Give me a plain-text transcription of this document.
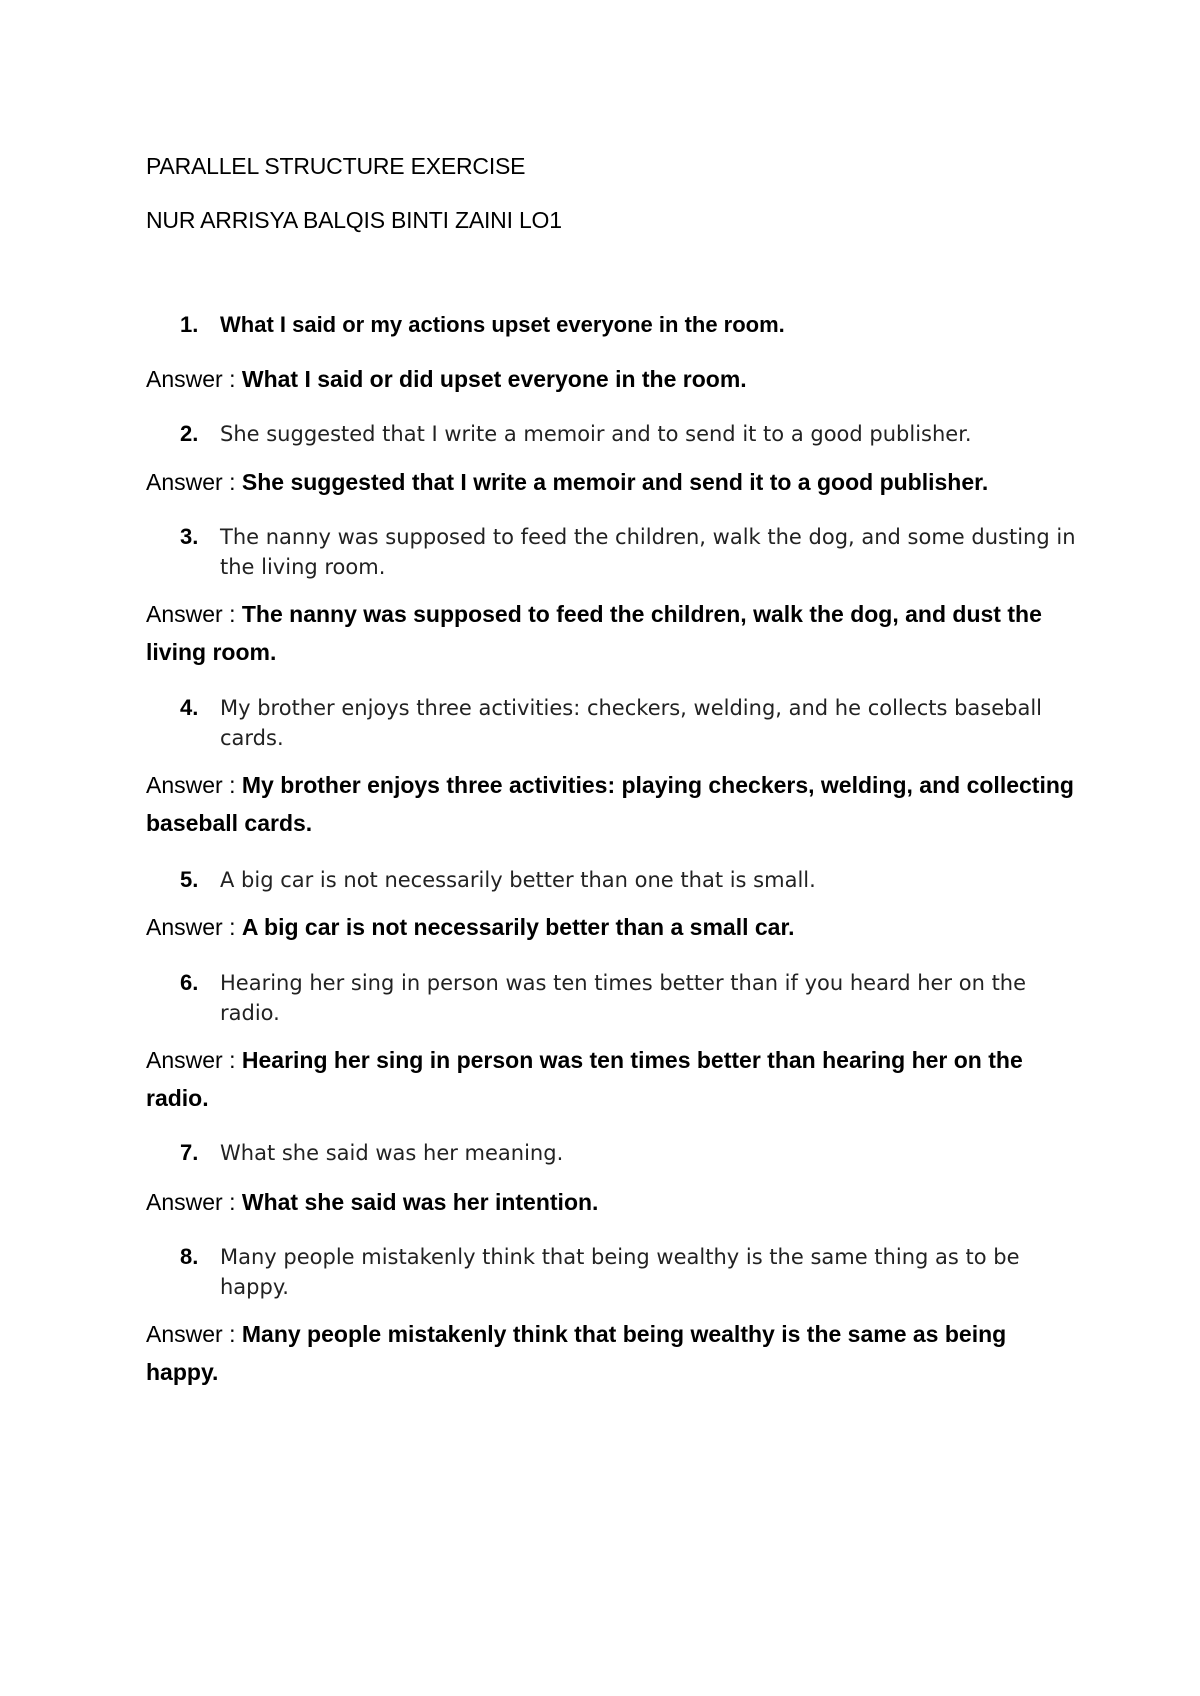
PARALLEL STRUCTURE EXERCISE
NUR ARRISYA BALQIS BINTI ZAINI LO1
1. What I said or my actions upset everyone in the room.
Answer : What I said or did upset everyone in the room.
2. She suggested that I write a memoir and to send it to a good publisher.
Answer : She suggested that I write a memoir and send it to a good publisher.
3. The nanny was supposed to feed the children, walk the dog, and some dusting in the living room.
Answer : The nanny was supposed to feed the children, walk the dog, and dust the living room.
4. My brother enjoys three activities: checkers, welding, and he collects baseball cards.
Answer : My brother enjoys three activities: playing checkers, welding, and collecting baseball cards.
5. A big car is not necessarily better than one that is small.
Answer : A big car is not necessarily better than a small car.
6. Hearing her sing in person was ten times better than if you heard her on the radio.
Answer : Hearing her sing in person was ten times better than hearing her on the radio.
7. What she said was her meaning.
Answer : What she said was her intention.
8. Many people mistakenly think that being wealthy is the same thing as to be happy.
Answer : Many people mistakenly think that being wealthy is the same as being happy.
